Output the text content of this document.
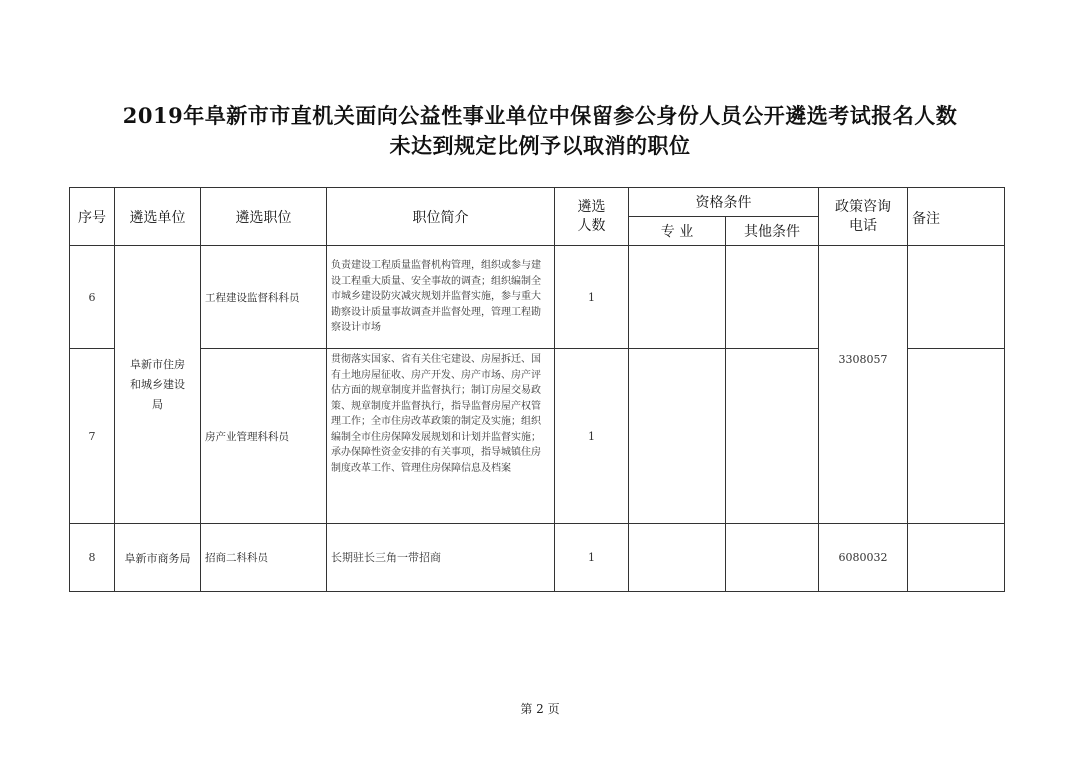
2019年阜新市市直机关面向公益性事业单位中保留参公身份人员公开遴选考试报名人数
未达到规定比例予以取消的职位
序号	遴选单位	遴选职位	职位简介	遴选人数	资格条件		政策咨询电话	备注
					专 业	其他条件		
6	阜新市住房和城乡建设局	工程建设监督科科员	负责建设工程质量监督机构管理，组织或参与建设工程重大质量、安全事故的调查；组织编制全市城乡建设防灾减灾规划并监督实施，参与重大勘察设计质量事故调查并监督处理，管理工程勘察设计市场	1			3308057	

7		房产业管理科科员	贯彻落实国家、省有关住宅建设、房屋拆迁、国有土地房屋征收、房产开发、房产市场、房产评估方面的规章制度并监督执行；制订房屋交易政策、规章制度并监督执行，指导监督房屋产权管理工作；全市住房改革政策的制定及实施；组织编制全市住房保障发展规划和计划并监督实施；承办保障性资金安排的有关事项，指导城镇住房制度改革工作、管理住房保障信息及档案	1				
8	阜新市商务局	招商二科科员	长期驻长三角一带招商	1			6080032	
第 2 页
